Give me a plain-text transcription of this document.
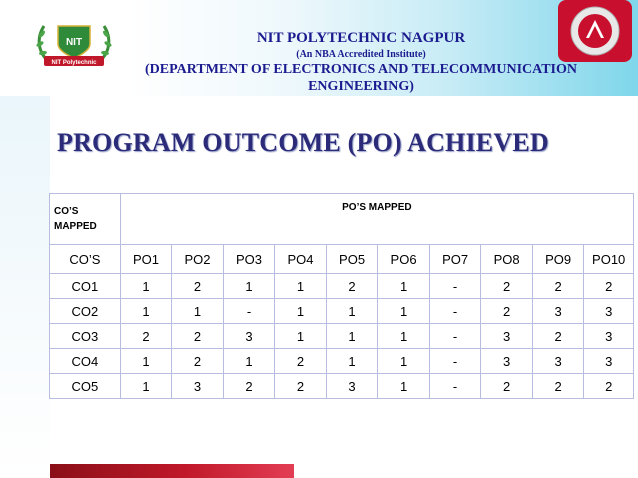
NIT
NIT Polytechnic
NIT POLYTECHNIC NAGPUR
(An NBA Accredited Institute)
(DEPARTMENT OF ELECTRONICS AND TELECOMMUNICATION ENGINEERING)
PROGRAM OUTCOME (PO) ACHIEVED
CO’S MAPPED	PO’S MAPPED									
CO’S	PO1	PO2	PO3	PO4	PO5	PO6	PO7	PO8	PO9	PO10
CO1	1	2	1	1	2	1	-	2	2	2
CO2	1	1	-	1	1	1	-	2	3	3
CO3	2	2	3	1	1	1	-	3	2	3
CO4	1	2	1	2	1	1	-	3	3	3
CO5	1	3	2	2	3	1	-	2	2	2
